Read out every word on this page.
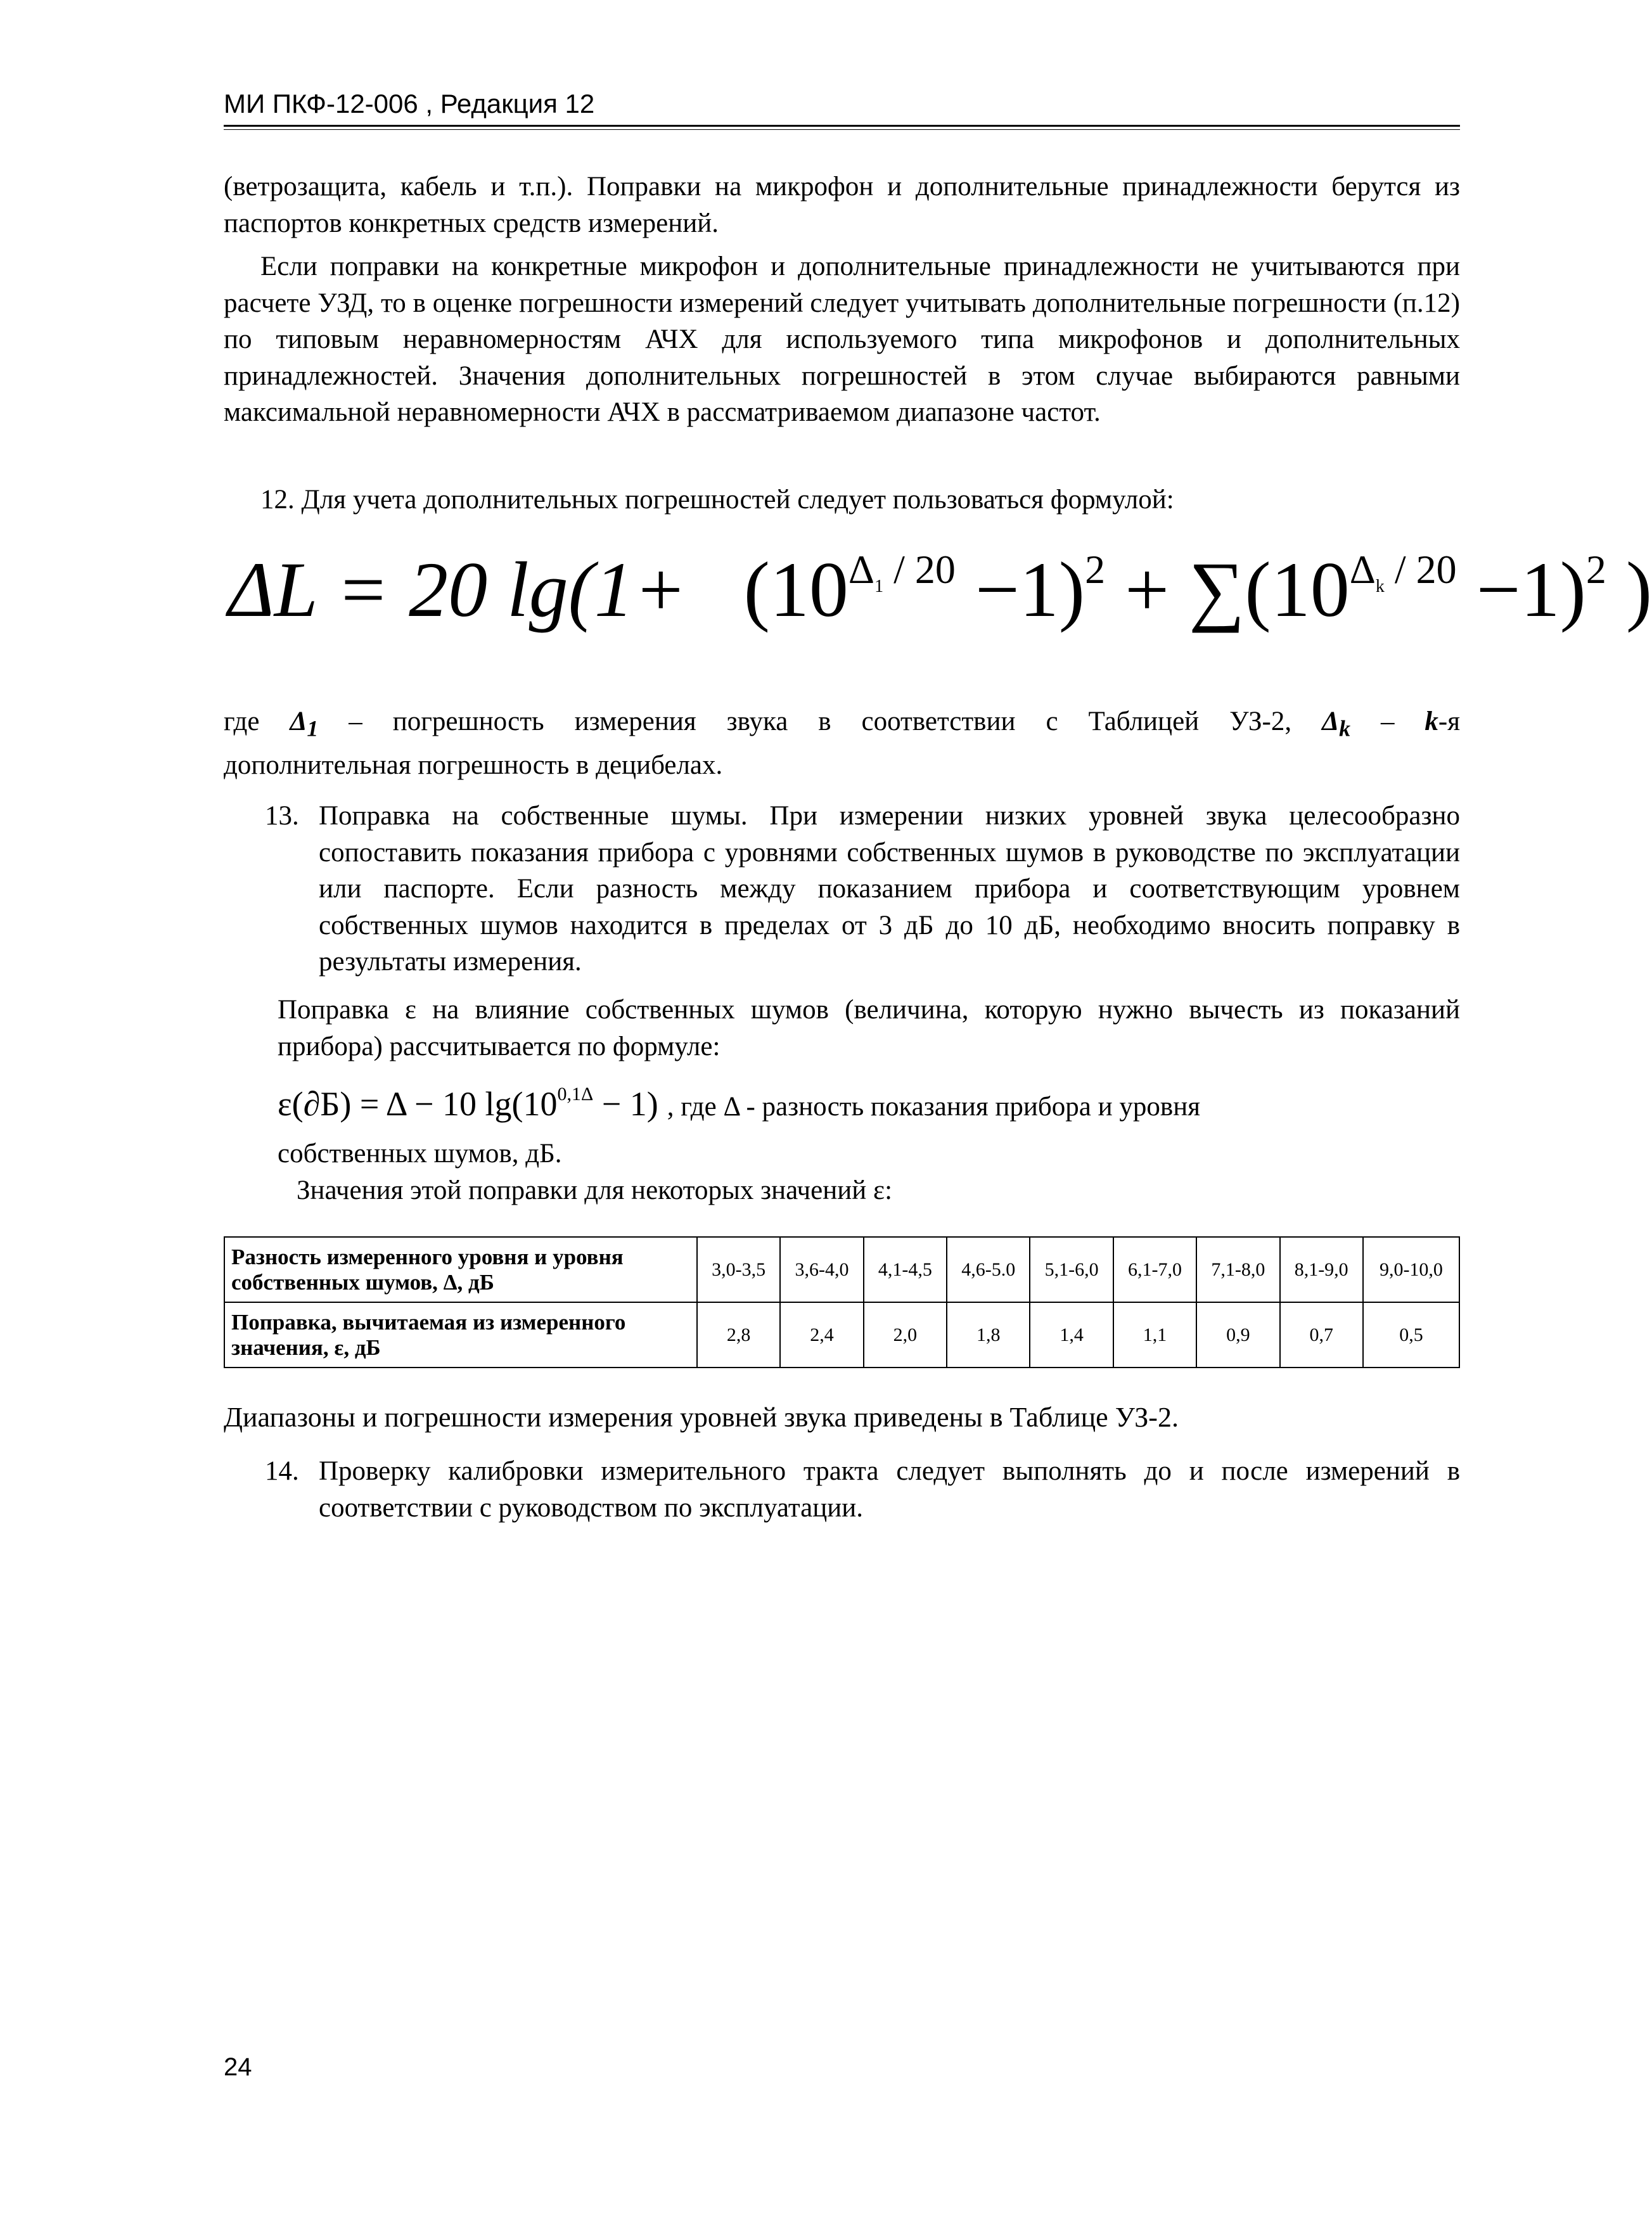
МИ ПКФ-12-006 , Редакция 12
(ветрозащита, кабель и т.п.). Поправки на микрофон и дополнительные принадлежности берутся из паспортов конкретных средств измерений.
Если поправки на конкретные микрофон и дополнительные принадлежности не учитываются при расчете УЗД, то в оценке погрешности измерений следует учитывать дополнительные погрешности (п.12) по типовым неравномерностям АЧХ для используемого типа микрофонов и дополнительных принадлежностей. Значения дополнительных погрешностей в этом случае выбираются равными максимальной неравномерности АЧХ в рассматриваемом диапазоне частот.
12. Для учета дополнительных погрешностей следует пользоваться формулой:
ΔL = 20 $\lg(1+ (10^{\Delta_1 / 20} -1)^2 + \sum(10^{\Delta_k / 20} -1)^2$ )
где $\Delta_1$ – погрешность измерения звука в соответствии с Таблицей УЗ-2, $\Delta_k - k-я$
дополнительная погрешность в децибелах.
13. Поправка на собственные шумы. При измерении низких уровней звука целесообразно сопоставить показания прибора с уровнями собственных шумов в руководстве по эксплуатации или паспорте. Если разность между показанием прибора и соответствующим уровнем собственных шумов находится в пределах от 3 дБ до 10 дБ, необходимо вносить поправку в результаты измерения.
Поправка ε на влияние собственных шумов (величина, которую нужно вычесть из показаний прибора) рассчитывается по формуле:
ε(∂Б) = Δ − 10 $\lg(10^{0,1\Delta} - 1)$ , где Δ - разность показания прибора и уровня
собственных шумов, дБ.
Значения этой поправки для некоторых значений ε:
Разность измеренного уровня и уровня собственных шумов, Δ, дБ	3,0-3,5	3,6-4,0	4,1-4,5	4,6-5.0	5,1-6,0	6,1-7,0	7,1-8,0	8,1-9,0	9,0-10,0
Поправка, вычитаемая из измеренного значения, ε, дБ	2,8	2,4	2,0	1,8	1,4	1,1	0,9	0,7	0,5
Диапазоны и погрешности измерения уровней звука приведены в Таблице УЗ-2.
14. Проверку калибровки измерительного тракта следует выполнять до и после измерений в соответствии с руководством по эксплуатации.
24
